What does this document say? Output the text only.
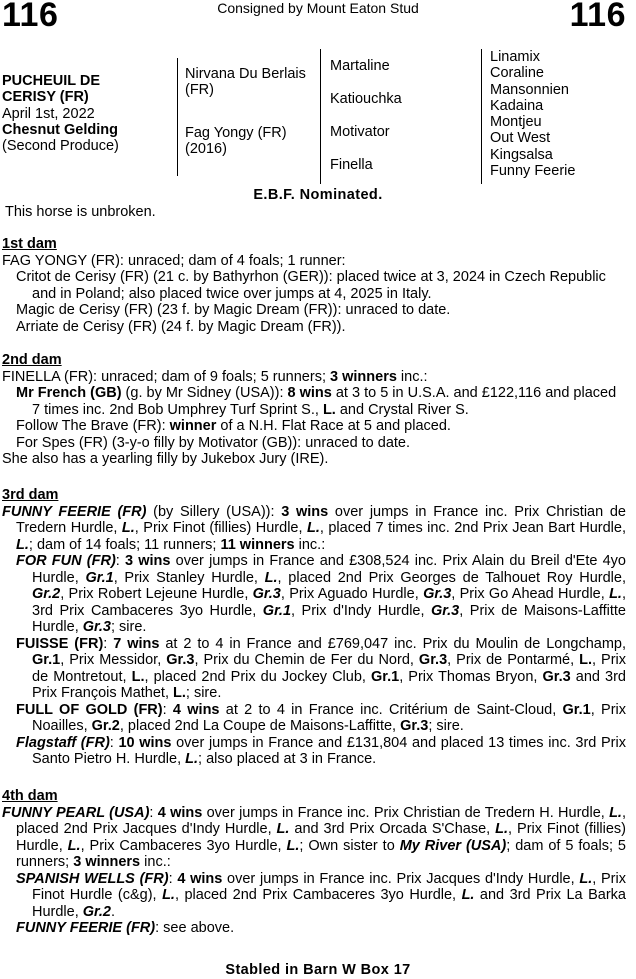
116	116
Consigned by Mount Eaton Stud
PUCHEUIL DE
CERISY (FR)
April 1st, 2022
Chesnut Gelding
(Second Produce)
Nirvana Du Berlais (FR)
Fag Yongy (FR)
(2016)
Martaline
Katiouchka
Motivator
Finella
Linamix
Coraline
Mansonnien
Kadaina
Montjeu
Out West
Kingsalsa
Funny Feerie
E.B.F. Nominated.
This horse is unbroken.

1st dam

FAG YONGY (FR): unraced; dam of 4 foals; 1 runner:

Critot de Cerisy (FR) (21 c. by Bathyrhon (GER)): placed twice at 3, 2024 in Czech Republic and in Poland; also placed twice over jumps at 4, 2025 in Italy.

Magic de Cerisy (FR) (23 f. by Magic Dream (FR)): unraced to date.

Arriate de Cerisy (FR) (24 f. by Magic Dream (FR)).

2nd dam

FINELLA (FR): unraced; dam of 9 foals; 5 runners; 3 winners inc.:

Mr French (GB) (g. by Mr Sidney (USA)): 8 wins at 3 to 5 in U.S.A. and £122,116 and placed 7 times inc. 2nd Bob Umphrey Turf Sprint S., L. and Crystal River S.

Follow The Brave (FR): winner of a N.H. Flat Race at 5 and placed.

For Spes (FR) (3-y-o filly by Motivator (GB)): unraced to date.

She also has a yearling filly by Jukebox Jury (IRE).

3rd dam

FUNNY FEERIE (FR) (by Sillery (USA)): 3 wins over jumps in France inc. Prix Christian de Tredern Hurdle, L., Prix Finot (fillies) Hurdle, L., placed 7 times inc. 2nd Prix Jean Bart Hurdle, L.; dam of 14 foals; 11 runners; 11 winners inc.:

FOR FUN (FR): 3 wins over jumps in France and £308,524 inc. Prix Alain du Breil d'Ete 4yo Hurdle, Gr.1, Prix Stanley Hurdle, L., placed 2nd Prix Georges de Talhouet Roy Hurdle, Gr.2, Prix Robert Lejeune Hurdle, Gr.3, Prix Aguado Hurdle, Gr.3, Prix Go Ahead Hurdle, L., 3rd Prix Cambaceres 3yo Hurdle, Gr.1, Prix d'Indy Hurdle, Gr.3, Prix de Maisons-Laffitte Hurdle, Gr.3; sire.

FUISSE (FR): 7 wins at 2 to 4 in France and £769,047 inc. Prix du Moulin de Longchamp, Gr.1, Prix Messidor, Gr.3, Prix du Chemin de Fer du Nord, Gr.3, Prix de Pontarmé, L., Prix de Montretout, L., placed 2nd Prix du Jockey Club, Gr.1, Prix Thomas Bryon, Gr.3 and 3rd Prix François Mathet, L.; sire.

FULL OF GOLD (FR): 4 wins at 2 to 4 in France inc. Critérium de Saint-Cloud, Gr.1, Prix Noailles, Gr.2, placed 2nd La Coupe de Maisons-Laffitte, Gr.3; sire.

Flagstaff (FR): 10 wins over jumps in France and £131,804 and placed 13 times inc. 3rd Prix Santo Pietro H. Hurdle, L.; also placed at 3 in France.

4th dam

FUNNY PEARL (USA): 4 wins over jumps in France inc. Prix Christian de Tredern H. Hurdle, L., placed 2nd Prix Jacques d'Indy Hurdle, L. and 3rd Prix Orcada S'Chase, L., Prix Finot (fillies) Hurdle, L., Prix Cambaceres 3yo Hurdle, L.; Own sister to My River (USA); dam of 5 foals; 5 runners; 3 winners inc.:

SPANISH WELLS (FR): 4 wins over jumps in France inc. Prix Jacques d'Indy Hurdle, L., Prix Finot Hurdle (c&g), L., placed 2nd Prix Cambaceres 3yo Hurdle, L. and 3rd Prix La Barka Hurdle, Gr.2.

FUNNY FEERIE (FR): see above.

Stabled in Barn W Box 17
